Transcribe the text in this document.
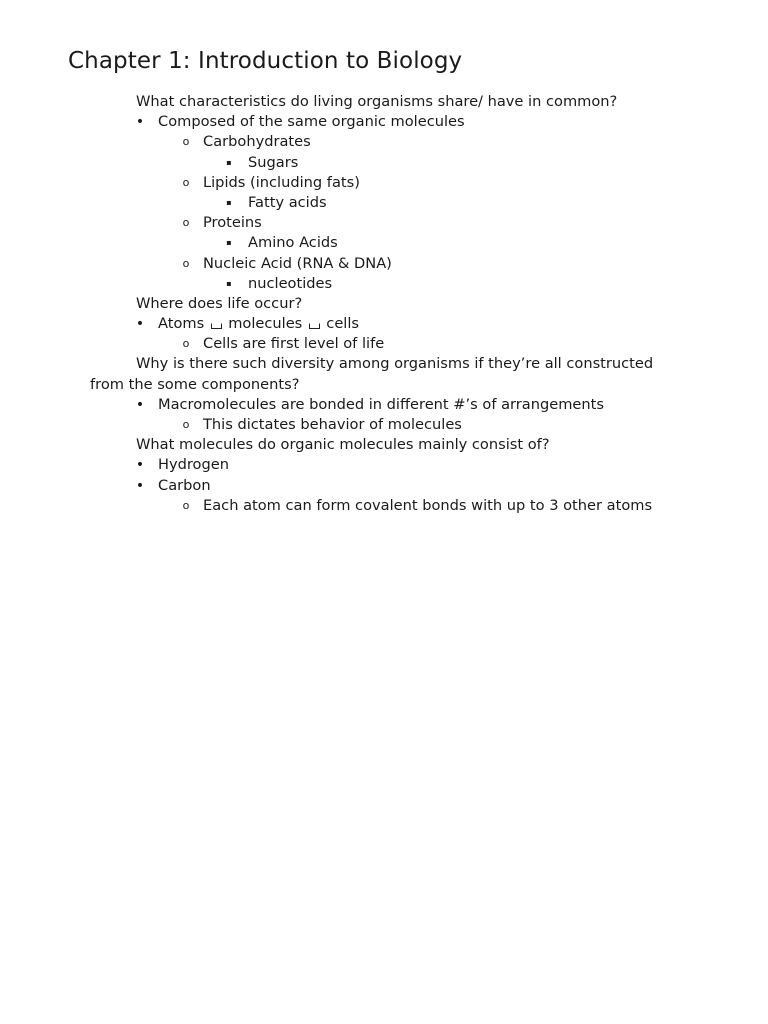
Chapter 1: Introduction to Biology
What characteristics do living organisms share/ have in common?
• Composed of the same organic molecules
o Carbohydrates
▪	Sugars
o Lipids (including fats)
▪	Fatty acids
o Proteins
▪	Amino Acids
o Nucleic Acid (RNA & DNA)
▪	nucleotides
Where does life occur?
• Atoms molecules cells
o Cells are first level of life
Why is there such diversity among organisms if they’re all constructed
from the some components?
• Macromolecules are bonded in different #’s of arrangements
o This dictates behavior of molecules
What molecules do organic molecules mainly consist of?
• Hydrogen
• Carbon
o Each atom can form covalent bonds with up to 3 other atoms
